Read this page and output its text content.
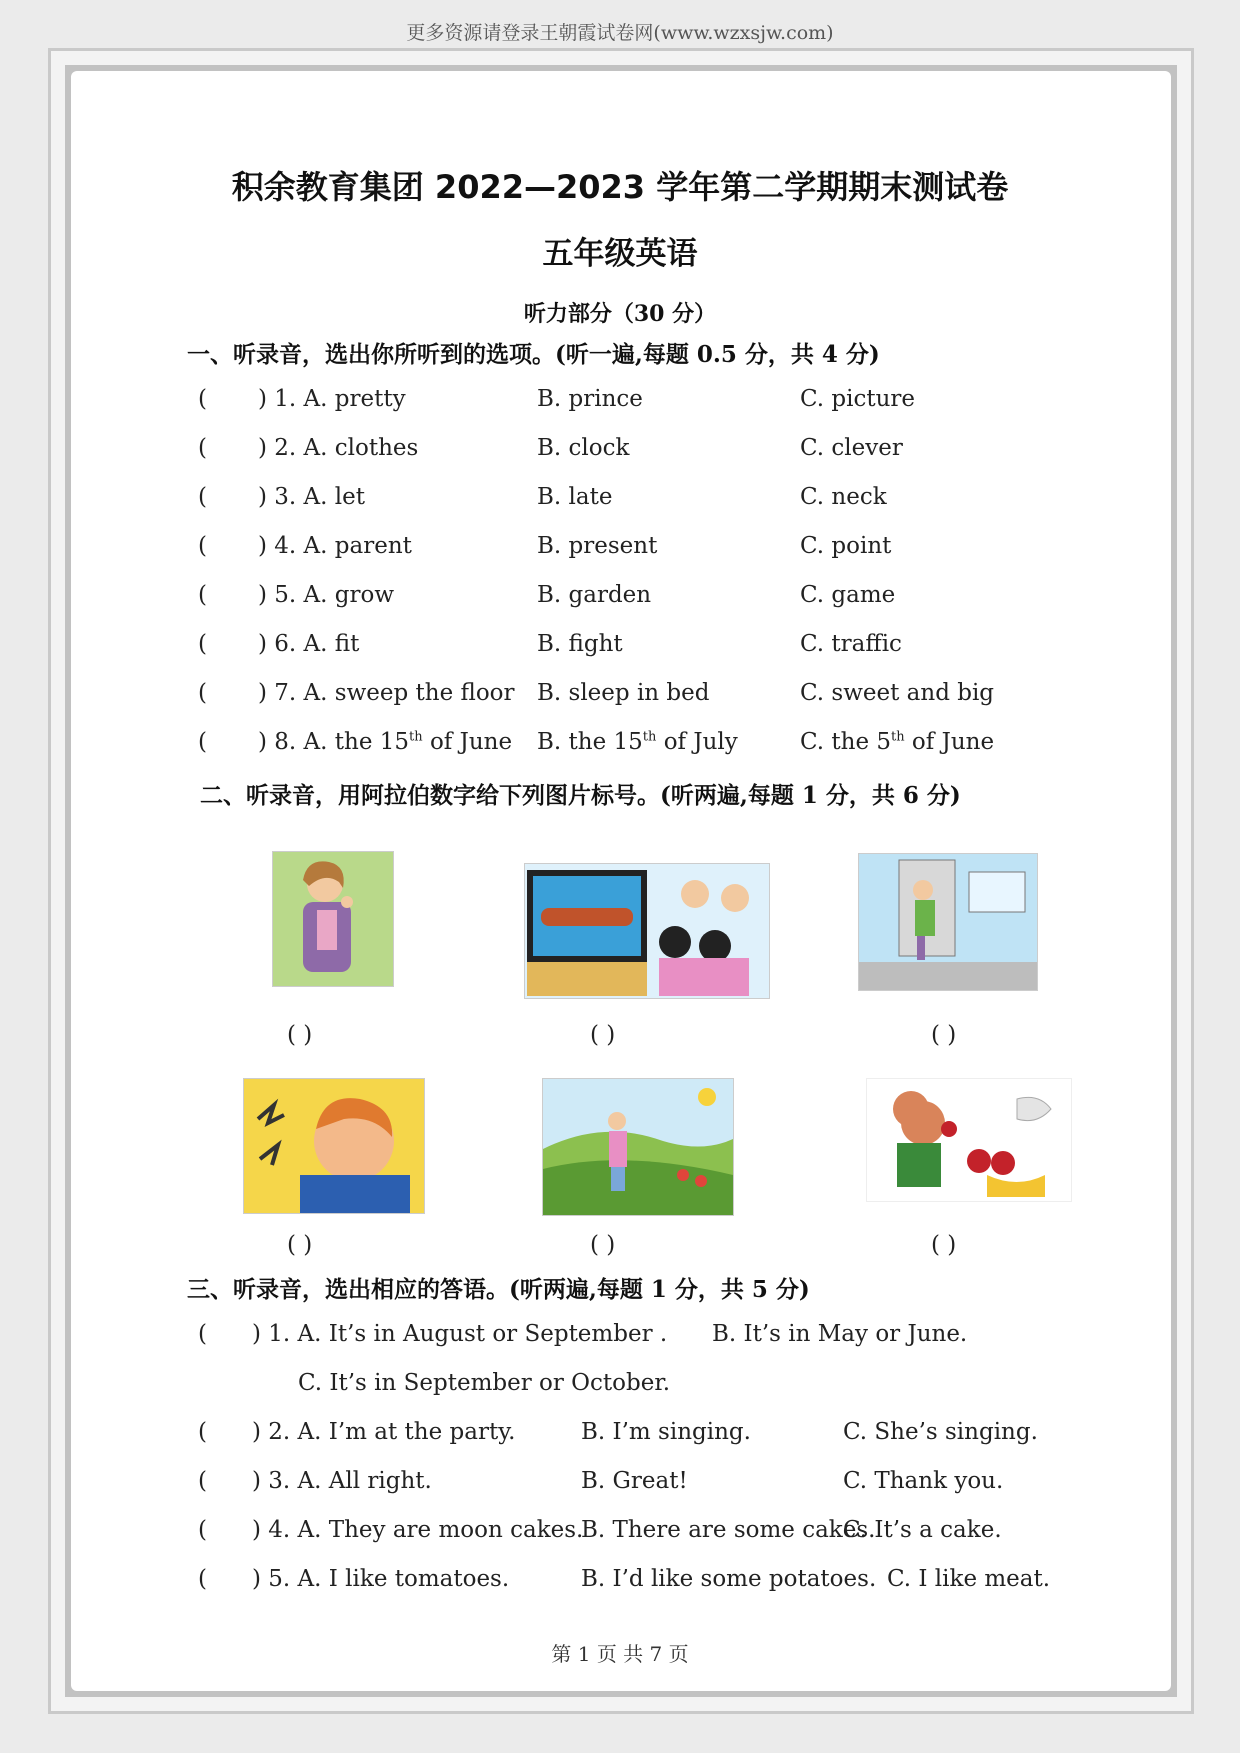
更多资源请登录王朝霞试卷网(www.wzxsjw.com)
积余教育集团 2022—2023 学年第二学期期末测试卷
五年级英语
听力部分（30 分）
一、听录音，选出你所听到的选项。(听一遍,每题 0.5 分，共 4 分)
( ) 1. A. pretty	B. prince	C. picture
( ) 2. A. clothes	B. clock	C. clever
( ) 3. A. let	B. late	C. neck
( ) 4. A. parent	B. present	C. point
( ) 5. A. grow	B. garden	C. game
( ) 6. A. fit	B. fight	C. traffic
( ) 7. A. sweep the floor B. sleep in bed	C. sweet and big
( ) 8. A. the 15th of June B. the 15th of July	C. the 5th of June
二、听录音，用阿拉伯数字给下列图片标号。(听两遍,每题 1 分，共 6 分)
( )	( )	( )
( )	( )	( )
三、听录音，选出相应的答语。(听两遍,每题 1 分，共 5 分)
( ) 1. A. It’s in August or September . B. It’s in May or June.
C. It’s in September or October.
( ) 2. A. I’m at the party.	B. I’m singing.	C. She’s singing.
( ) 3. A. All right.	B. Great!	C. Thank you.
( ) 4. A. They are moon cakes.
B. There are some cakes.
C. It’s a cake.
( ) 5. A. I like tomatoes.	B. I’d like some potatoes. C. I like meat.
第 1 页 共 7 页
